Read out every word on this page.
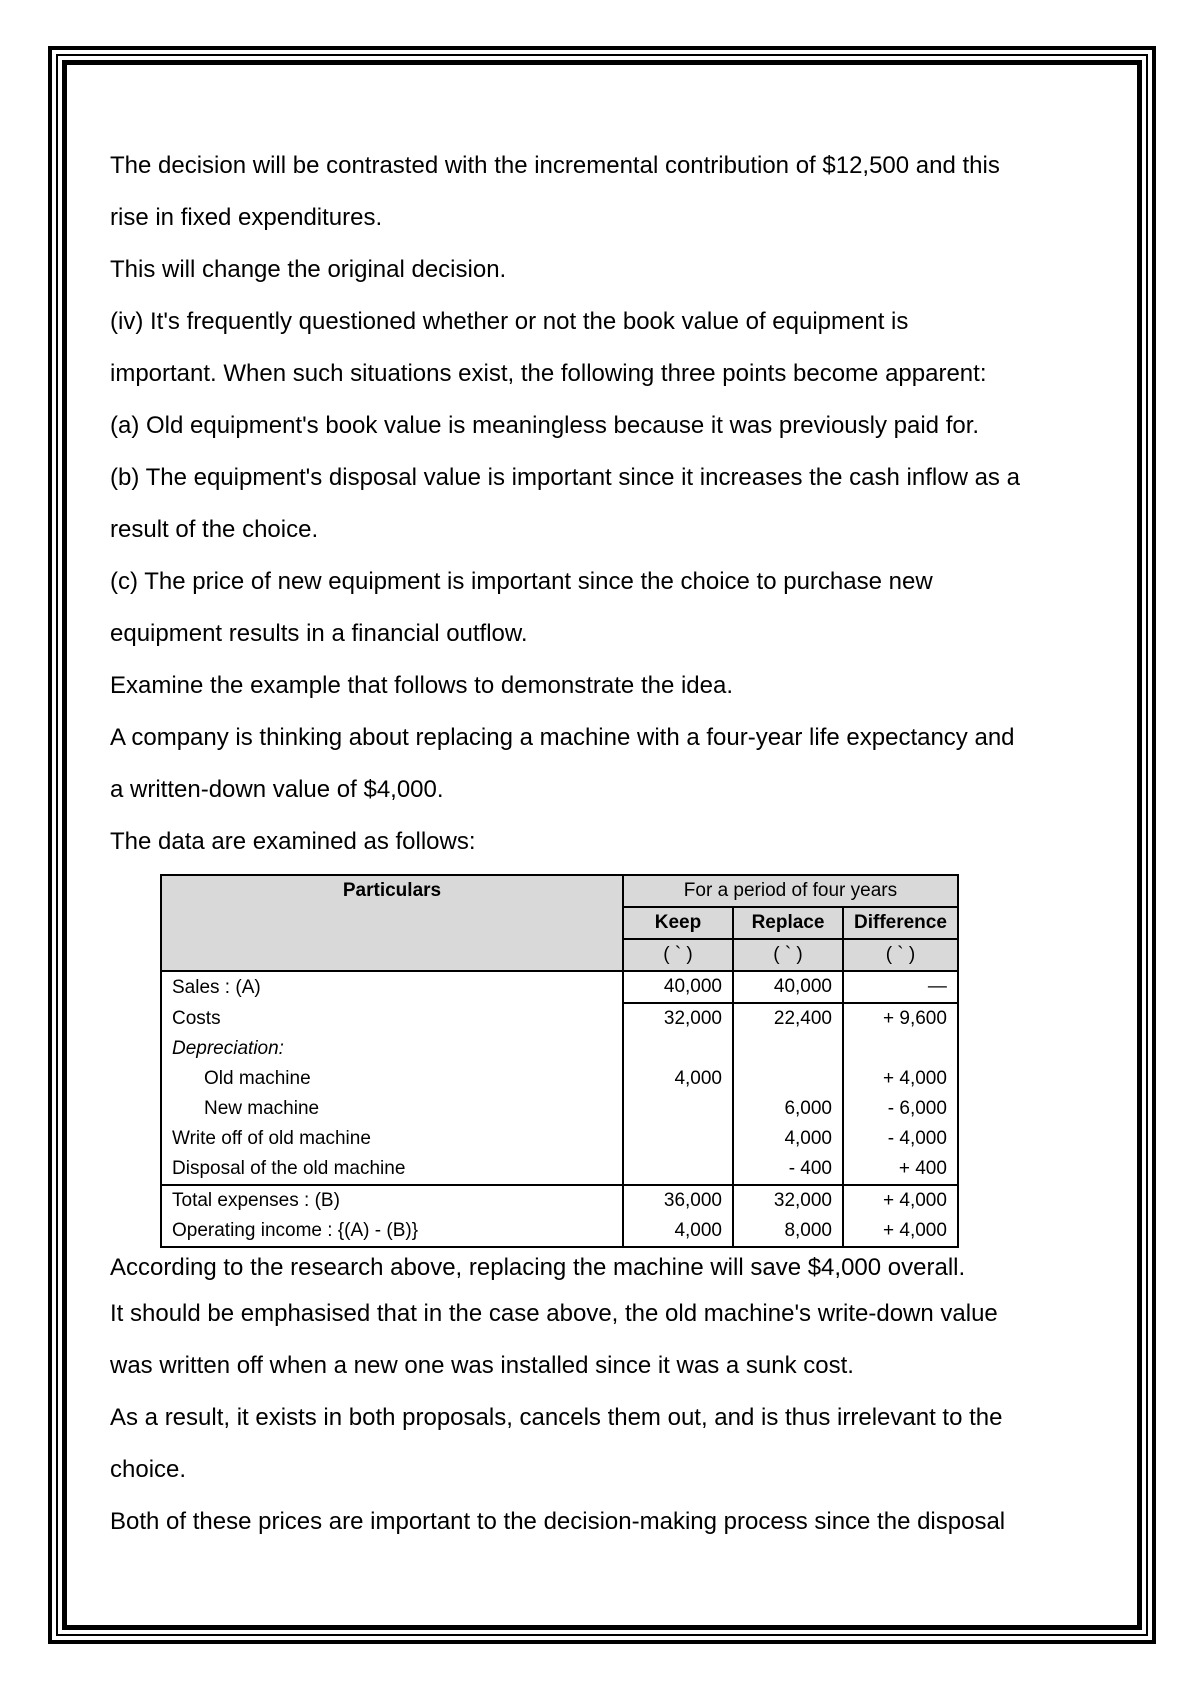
The decision will be contrasted with the incremental contribution of $12,500 and this

rise in fixed expenditures.

This will change the original decision.

(iv) It's frequently questioned whether or not the book value of equipment is

important. When such situations exist, the following three points become apparent:

(a) Old equipment's book value is meaningless because it was previously paid for.

(b) The equipment's disposal value is important since it increases the cash inflow as a

result of the choice.

(c) The price of new equipment is important since the choice to purchase new

equipment results in a financial outflow.

Examine the example that follows to demonstrate the idea.

A company is thinking about replacing a machine with a four-year life expectancy and

a written-down value of $4,000.

The data are examined as follows:

Particulars	For a period of four years		
	Keep	Replace	Difference
	( ` )	( ` )	( ` )
Sales : (A)	40,000	40,000	—
Costs	32,000	22,400	+ 9,600
Depreciation:			
Old machine	4,000		+ 4,000
New machine		6,000	- 6,000
Write off of old machine		4,000	- 4,000
Disposal of the old machine		- 400	+ 400
Total expenses : (B)	36,000	32,000	+ 4,000
Operating income : {(A) - (B)}	4,000	8,000	+ 4,000

According to the research above, replacing the machine will save $4,000 overall.

It should be emphasised that in the case above, the old machine's write-down value

was written off when a new one was installed since it was a sunk cost.

As a result, it exists in both proposals, cancels them out, and is thus irrelevant to the

choice.

Both of these prices are important to the decision-making process since the disposal
